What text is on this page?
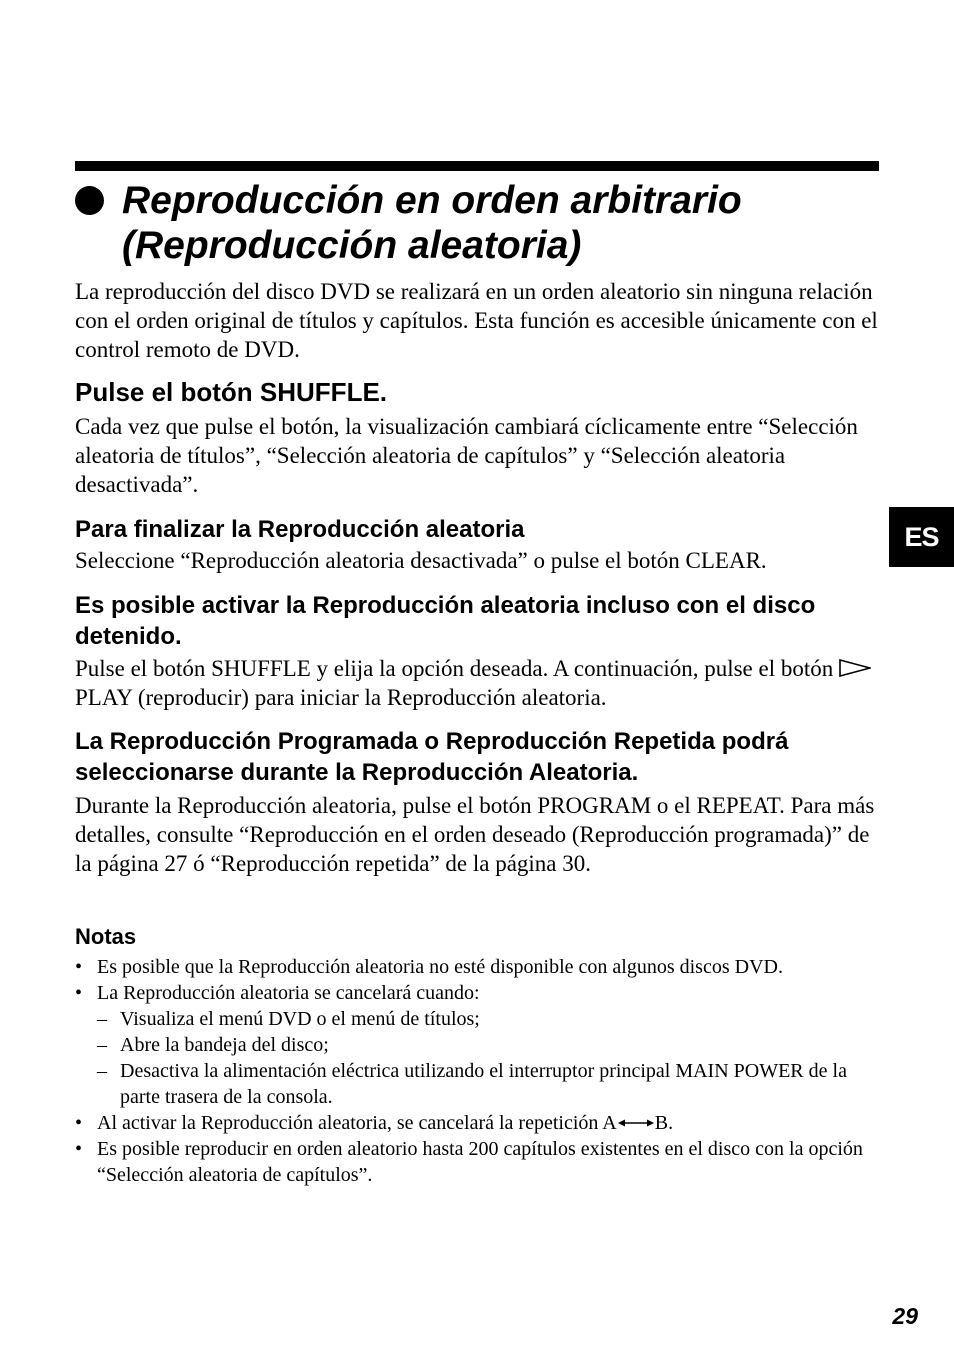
Reproducción en orden arbitrario
(Reproducción aleatoria)

La reproducción del disco DVD se realizará en un orden aleatorio sin ninguna relación con el orden original de títulos y capítulos. Esta función es accesible únicamente con el control remoto de DVD.

Pulse el botón SHUFFLE.

Cada vez que pulse el botón, la visualización cambiará cíclicamente entre “Selección aleatoria de títulos”, “Selección aleatoria de capítulos” y “Selección aleatoria desactivada”.

Para finalizar la Reproducción aleatoria

Seleccione “Reproducción aleatoria desactivada” o pulse el botón CLEAR.

Es posible activar la Reproducción aleatoria incluso con el disco detenido.

Pulse el botón SHUFFLE y elija la opción deseada. A continuación, pulse el botónPLAY (reproducir) para iniciar la Reproducción aleatoria.

La Reproducción Programada o Reproducción Repetida podrá seleccionarse durante la Reproducción Aleatoria.

Durante la Reproducción aleatoria, pulse el botón PROGRAM o el REPEAT. Para más detalles, consulte “Reproducción en el orden deseado (Reproducción programada)” de la página 27 ó “Reproducción repetida” de la página 30.

Notas
• Es posible que la Reproducción aleatoria no esté disponible con algunos discos DVD.
• La Reproducción aleatoria se cancelará cuando:
– Visualiza el menú DVD o el menú de títulos;
– Abre la bandeja del disco;
– Desactiva la alimentación eléctrica utilizando el interruptor principal MAIN POWER de la parte trasera de la consola.
• Al activar la Reproducción aleatoria, se cancelará la repetición A B.
• Es posible reproducir en orden aleatorio hasta 200 capítulos existentes en el disco con la opción “Selección aleatoria de capítulos”.
ES
29
